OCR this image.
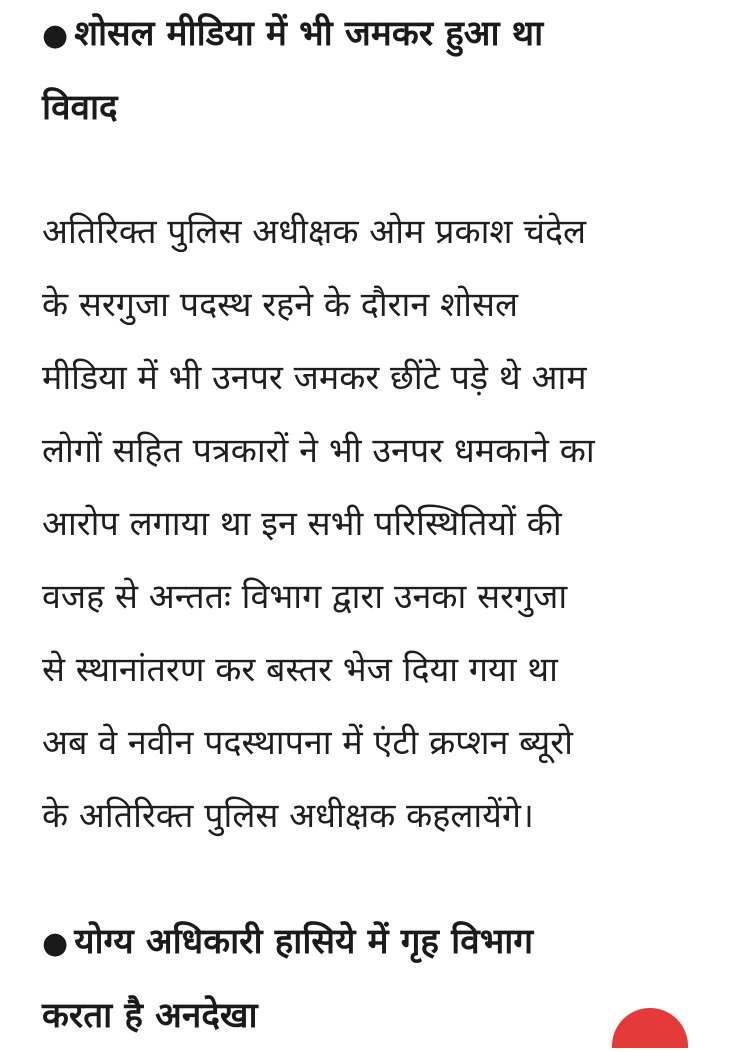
● शोसल मीडिया में भी जमकर हुआ था
विवाद

अतिरिक्त पुलिस अधीक्षक ओम प्रकाश चंदेल
के सरगुजा पदस्थ रहने के दौरान शोसल
मीडिया में भी उनपर जमकर छींटे पड़े थे आम
लोगों सहित पत्रकारों ने भी उनपर धमकाने का
आरोप लगाया था इन सभी परिस्थितियों की
वजह से अन्ततः विभाग द्वारा उनका सरगुजा
से स्थानांतरण कर बस्तर भेज दिया गया था
अब वे नवीन पदस्थापना में एंटी क्रप्शन ब्यूरो
के अतिरिक्त पुलिस अधीक्षक कहलायेंगे।

● योग्य अधिकारी हासिये में गृह विभाग
करता है अनदेखा
